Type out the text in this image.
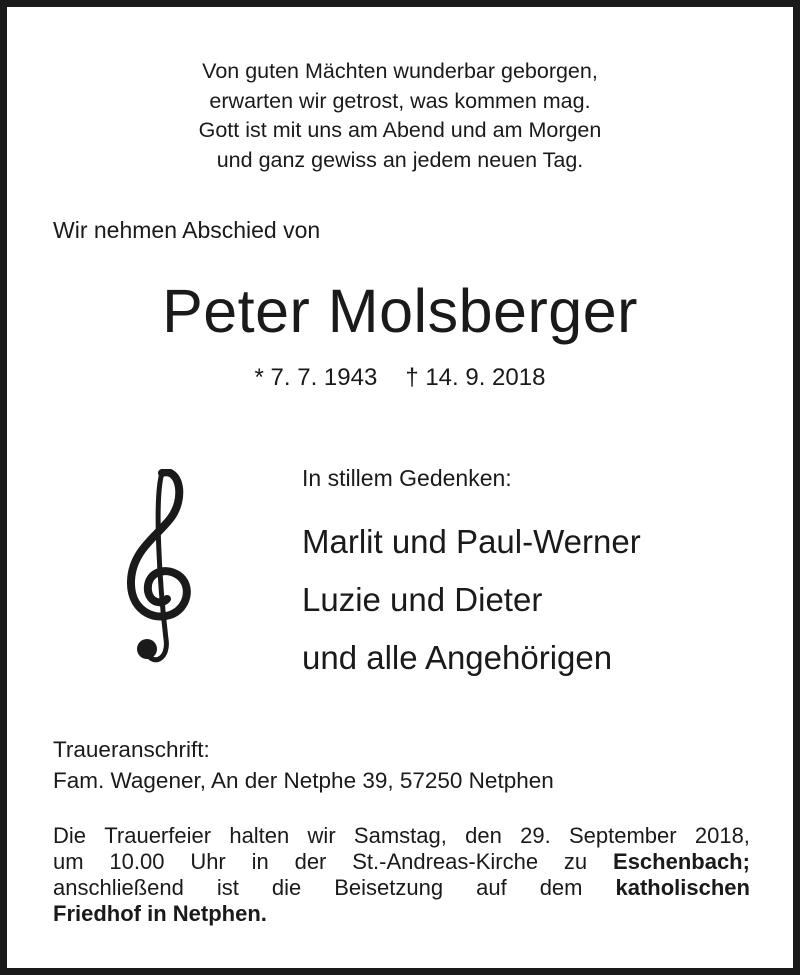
Von guten Mächten wunderbar geborgen,
erwarten wir getrost, was kommen mag.
Gott ist mit uns am Abend und am Morgen
und ganz gewiss an jedem neuen Tag.
Wir nehmen Abschied von
Peter Molsberger
* 7. 7. 1943 † 14. 9. 2018
In stillem Gedenken:
Marlit und Paul-Werner
Luzie und Dieter
und alle Angehörigen
Traueranschrift:
Fam. Wagener, An der Netphe 39, 57250 Netphen
Die Trauerfeier halten wir Samstag, den 29. September 2018,
um 10.00 Uhr in der St.-Andreas-Kirche zu Eschenbach;
anschließend ist die Beisetzung auf dem katholischen
Friedhof in Netphen.
